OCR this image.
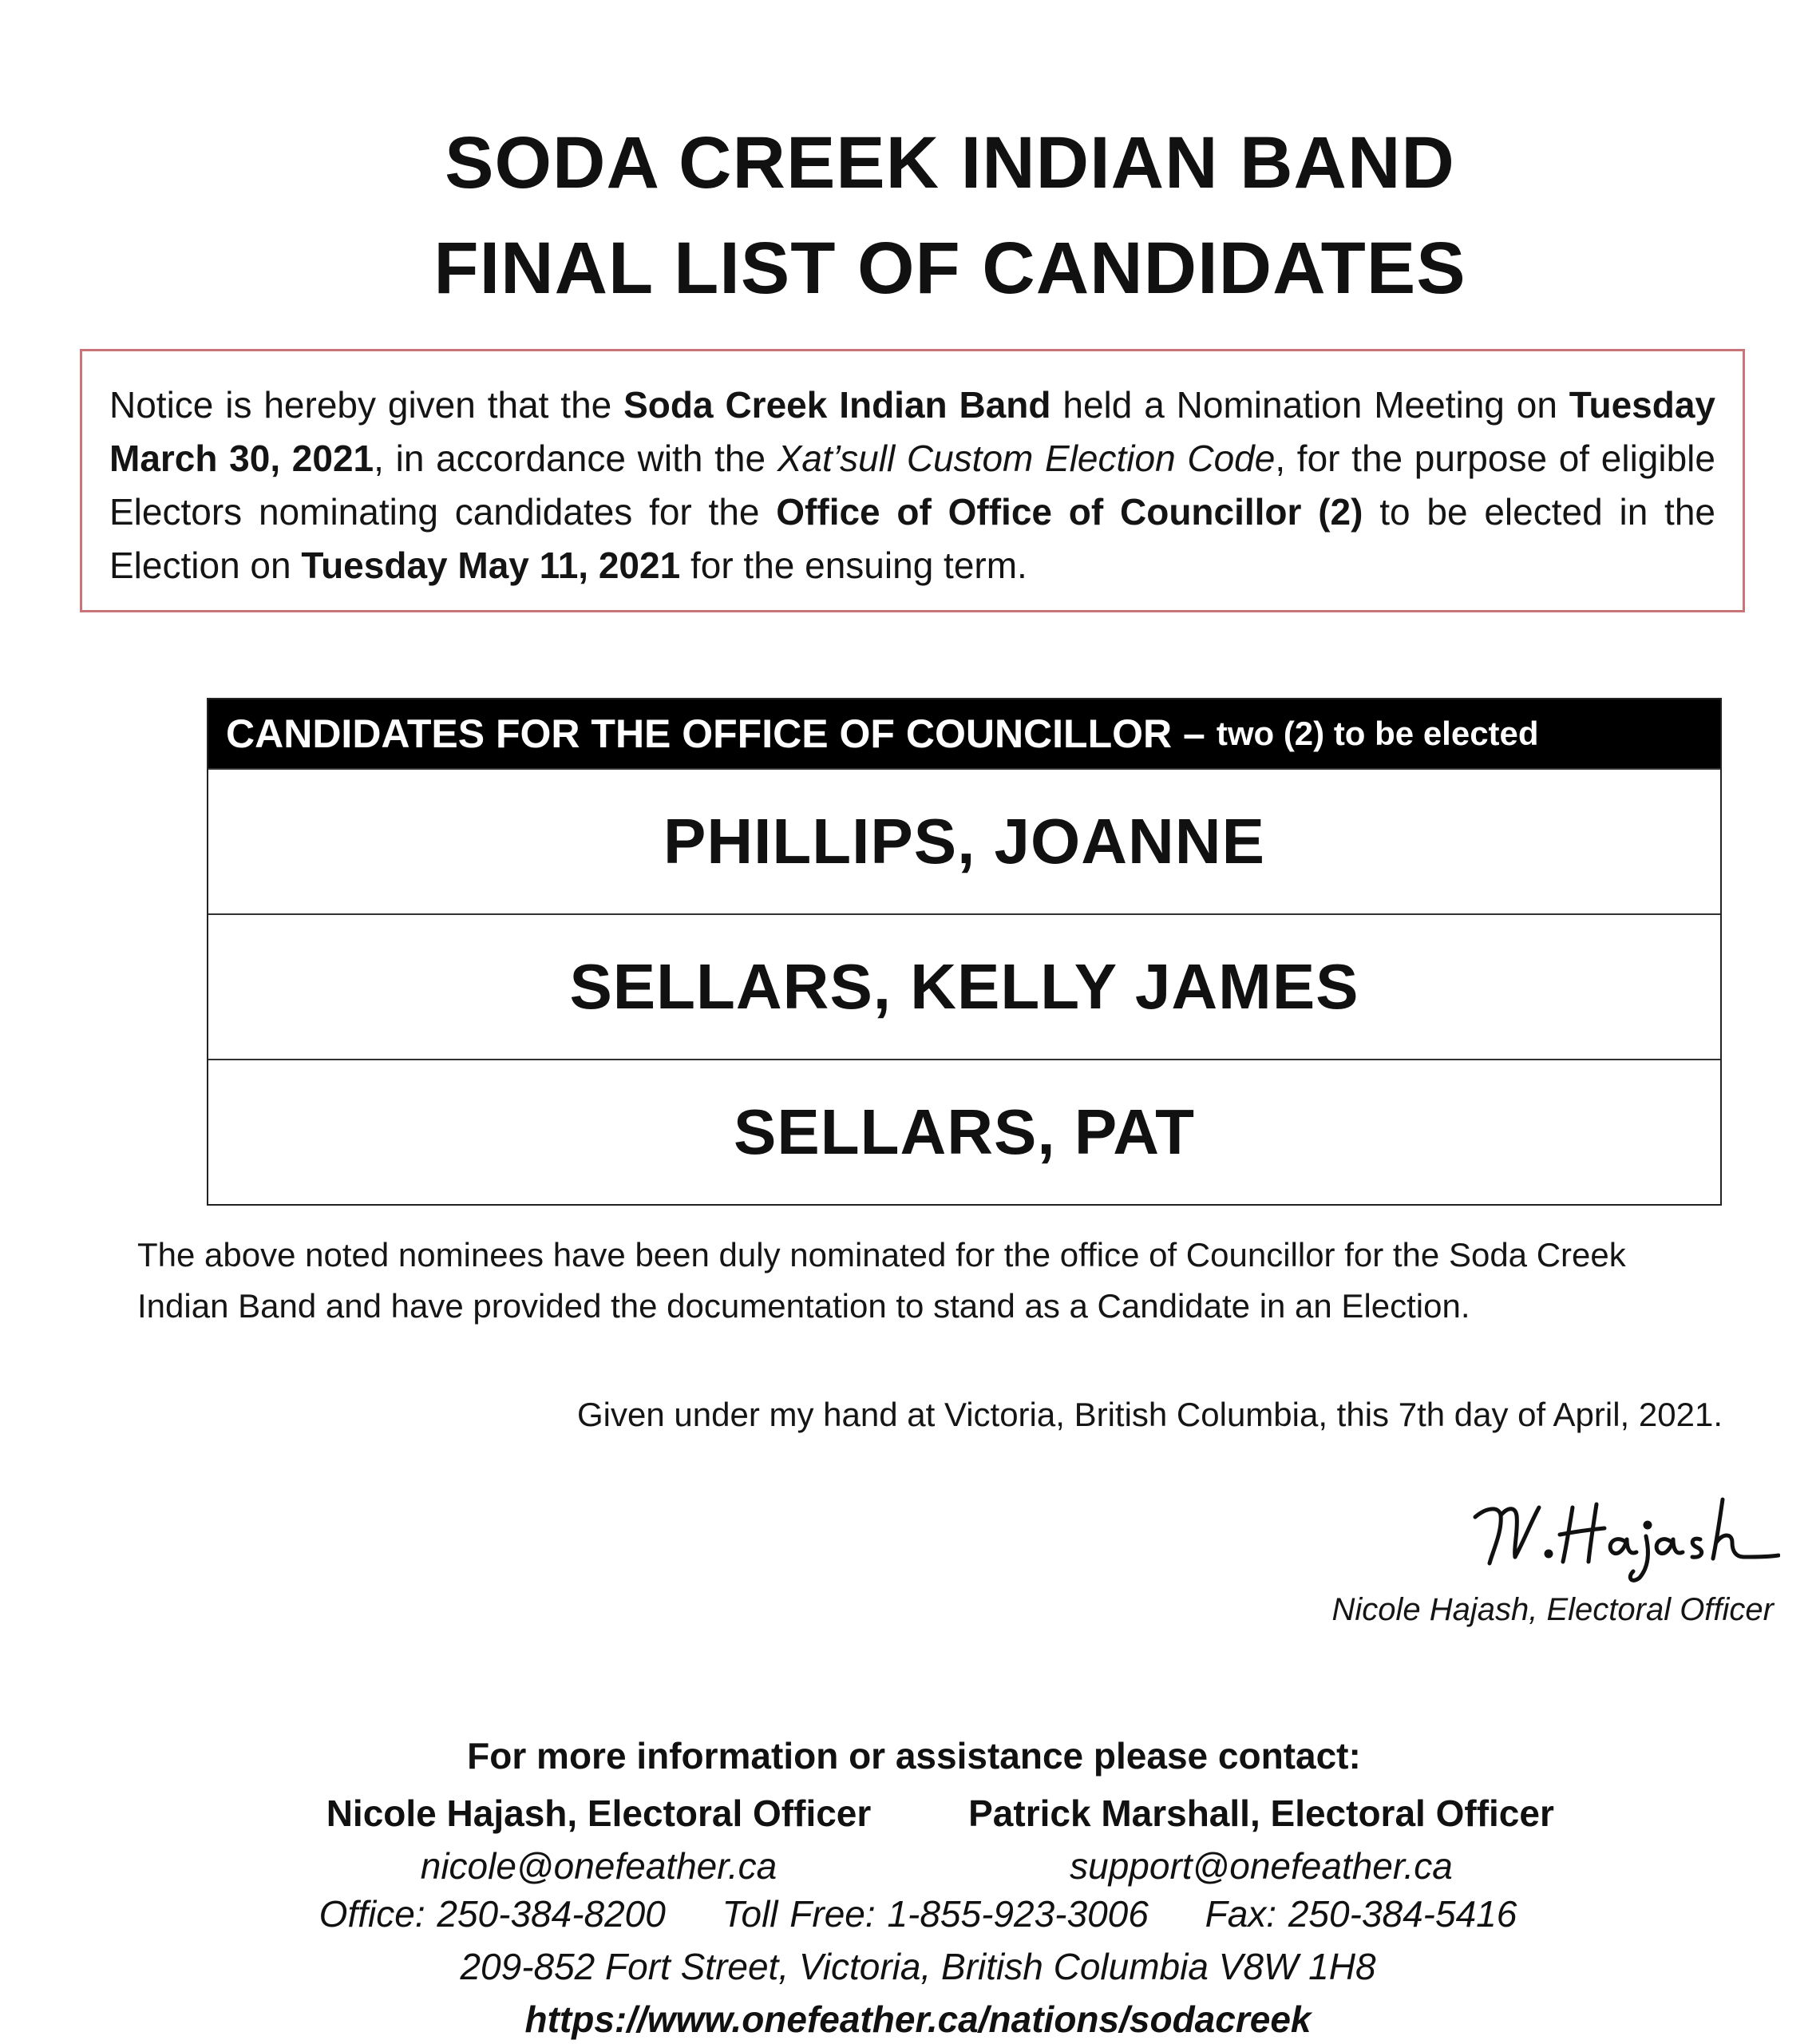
SODA CREEK INDIAN BAND
FINAL LIST OF CANDIDATES
Notice is hereby given that the Soda Creek Indian Band held a Nomination Meeting on Tuesday March 30, 2021, in accordance with the Xat’sull Custom Election Code, for the purpose of eligible Electors nominating candidates for the Office of Office of Councillor (2) to be elected in the Election on Tuesday May 11, 2021 for the ensuing term.
CANDIDATES FOR THE OFFICE OF COUNCILLOR – two (2) to be elected
PHILLIPS, JOANNE
SELLARS, KELLY JAMES
SELLARS, PAT
The above noted nominees have been duly nominated for the office of Councillor for the Soda Creek Indian Band and have provided the documentation to stand as a Candidate in an Election.
Given under my hand at Victoria, British Columbia, this 7th day of April, 2021.
Nicole Hajash, Electoral Officer
For more information or assistance please contact:
Nicole Hajash, Electoral Officer
nicole@onefeather.ca
Patrick Marshall, Electoral Officer
support@onefeather.ca
Office: 250-384-8200 Toll Free: 1-855-923-3006 Fax: 250-384-5416
209-852 Fort Street, Victoria, British Columbia V8W 1H8
https://www.onefeather.ca/nations/sodacreek
